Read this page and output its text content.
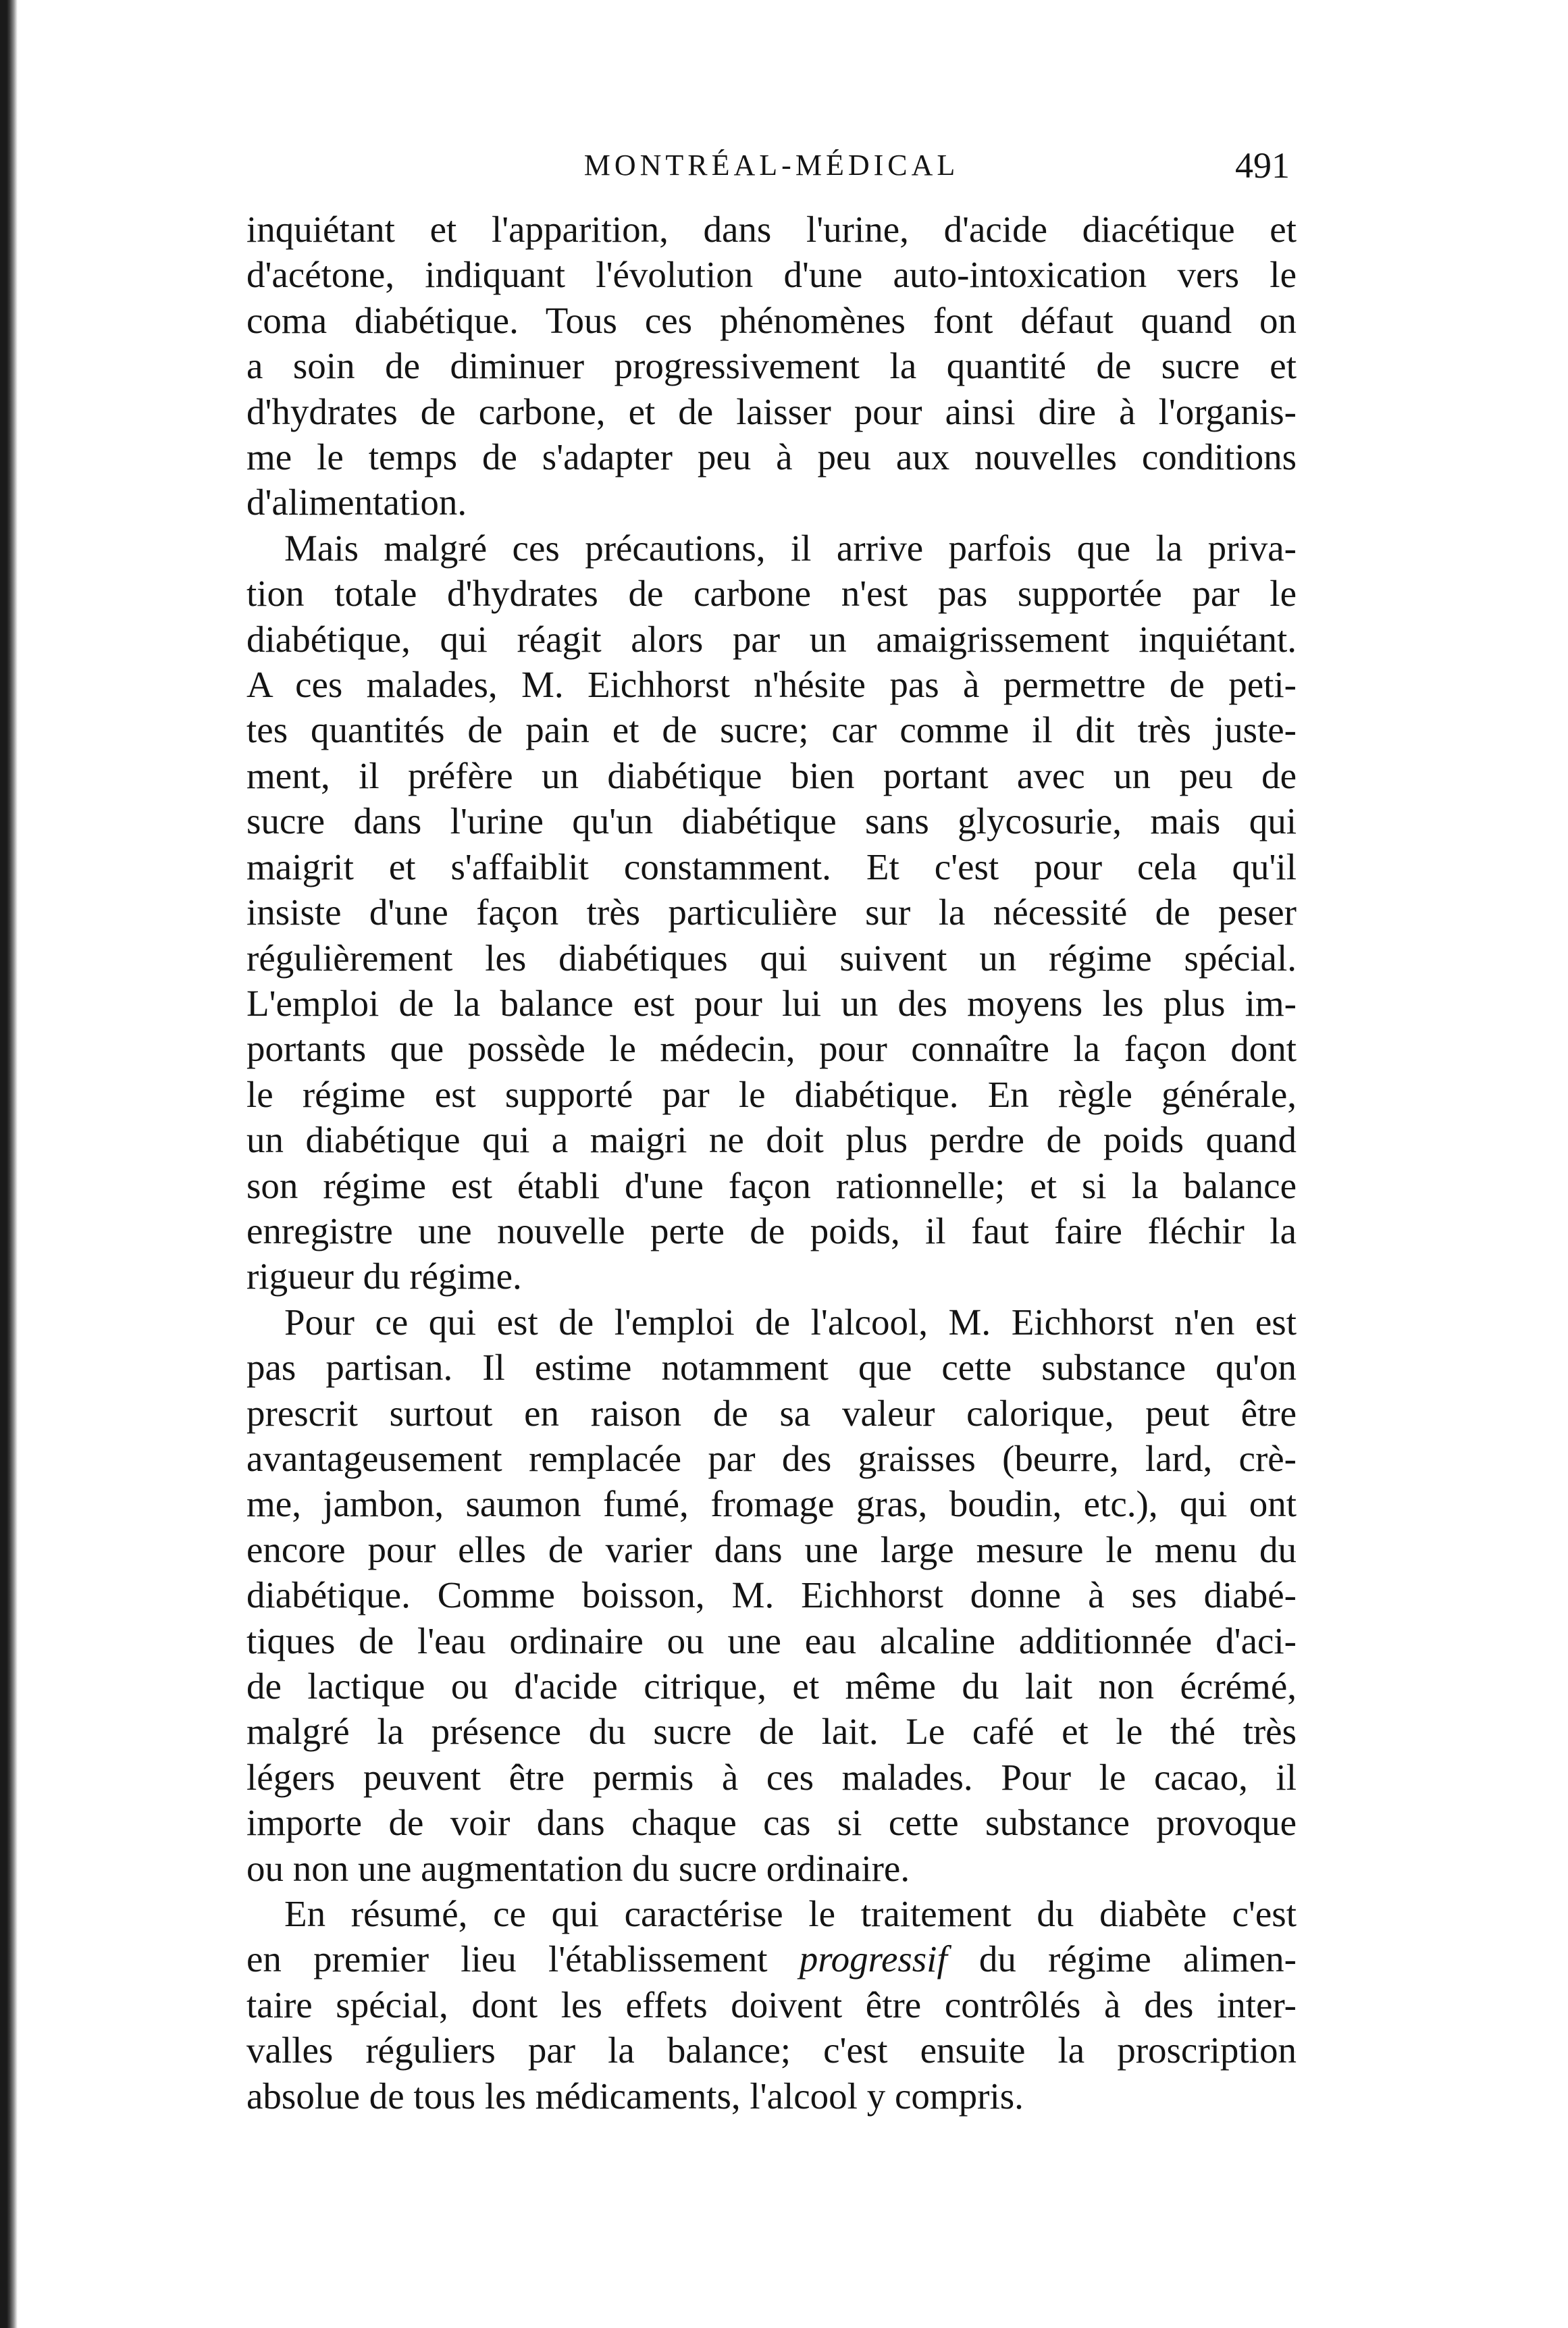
MONTRÉAL-MÉDICAL	491
inquiétant et l'apparition, dans l'urine, d'acide diacétique et
d'acétone, indiquant l'évolution d'une auto-intoxication vers le
coma diabétique. Tous ces phénomènes font défaut quand on
a soin de diminuer progressivement la quantité de sucre et
d'hydrates de carbone, et de laisser pour ainsi dire à l'organis-
me le temps de s'adapter peu à peu aux nouvelles conditions
d'alimentation.
Mais malgré ces précautions, il arrive parfois que la priva-
tion totale d'hydrates de carbone n'est pas supportée par le
diabétique, qui réagit alors par un amaigrissement inquiétant.
A ces malades, M. Eichhorst n'hésite pas à permettre de peti-
tes quantités de pain et de sucre; car comme il dit très juste-
ment, il préfère un diabétique bien portant avec un peu de
sucre dans l'urine qu'un diabétique sans glycosurie, mais qui
maigrit et s'affaiblit constamment. Et c'est pour cela qu'il
insiste d'une façon très particulière sur la nécessité de peser
régulièrement les diabétiques qui suivent un régime spécial.
L'emploi de la balance est pour lui un des moyens les plus im-
portants que possède le médecin, pour connaître la façon dont
le régime est supporté par le diabétique. En règle générale,
un diabétique qui a maigri ne doit plus perdre de poids quand
son régime est établi d'une façon rationnelle; et si la balance
enregistre une nouvelle perte de poids, il faut faire fléchir la
rigueur du régime.
Pour ce qui est de l'emploi de l'alcool, M. Eichhorst n'en est
pas partisan. Il estime notamment que cette substance qu'on
prescrit surtout en raison de sa valeur calorique, peut être
avantageusement remplacée par des graisses (beurre, lard, crè-
me, jambon, saumon fumé, fromage gras, boudin, etc.), qui ont
encore pour elles de varier dans une large mesure le menu du
diabétique. Comme boisson, M. Eichhorst donne à ses diabé-
tiques de l'eau ordinaire ou une eau alcaline additionnée d'aci-
de lactique ou d'acide citrique, et même du lait non écrémé,
malgré la présence du sucre de lait. Le café et le thé très
légers peuvent être permis à ces malades. Pour le cacao, il
importe de voir dans chaque cas si cette substance provoque
ou non une augmentation du sucre ordinaire.
En résumé, ce qui caractérise le traitement du diabète c'est
en premier lieu l'établissement progressif du régime alimen-
taire spécial, dont les effets doivent être contrôlés à des inter-
valles réguliers par la balance; c'est ensuite la proscription
absolue de tous les médicaments, l'alcool y compris.
